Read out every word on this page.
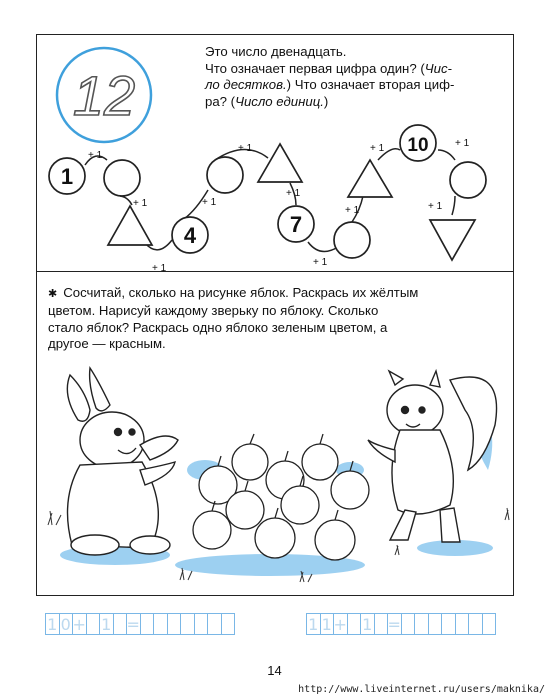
12
1
4	7
10
+ 1
+ 1
+ 1
+ 1
+ 1
+ 1
+ 1
+ 1
+ 1	+ 1
+ 1
Это число двенадцать.
Что означает первая цифра один? (Чис-
ло десятков.) Что означает вторая циф-
ра? (Число единиц.)
✱ Сосчитай, сколько на рисунке яблок. Раскрась их жёлтым
цветом. Нарисуй каждому зверьку по яблоку. Сколько
стало яблок? Раскрась одно яблоко зеленым цветом, а
другое — красным.
1 0 + 1 =	1 1 + 1 =
14
http://www.liveinternet.ru/users/maknika/
